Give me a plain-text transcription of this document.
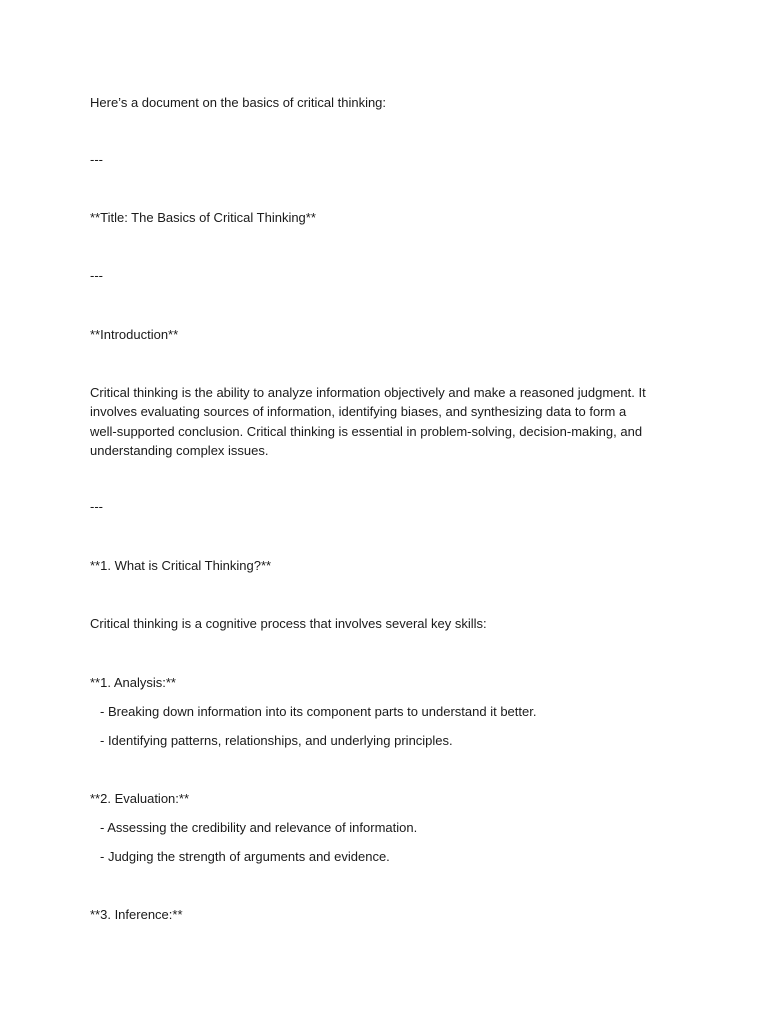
Here’s a document on the basics of critical thinking:
---
**Title: The Basics of Critical Thinking**
---
**Introduction**
Critical thinking is the ability to analyze information objectively and make a reasoned judgment. It involves evaluating sources of information, identifying biases, and synthesizing data to form a well-supported conclusion. Critical thinking is essential in problem-solving, decision-making, and understanding complex issues.
---
**1. What is Critical Thinking?**
Critical thinking is a cognitive process that involves several key skills:
**1. Analysis:**
- Breaking down information into its component parts to understand it better.
- Identifying patterns, relationships, and underlying principles.
**2. Evaluation:**
- Assessing the credibility and relevance of information.
- Judging the strength of arguments and evidence.
**3. Inference:**
